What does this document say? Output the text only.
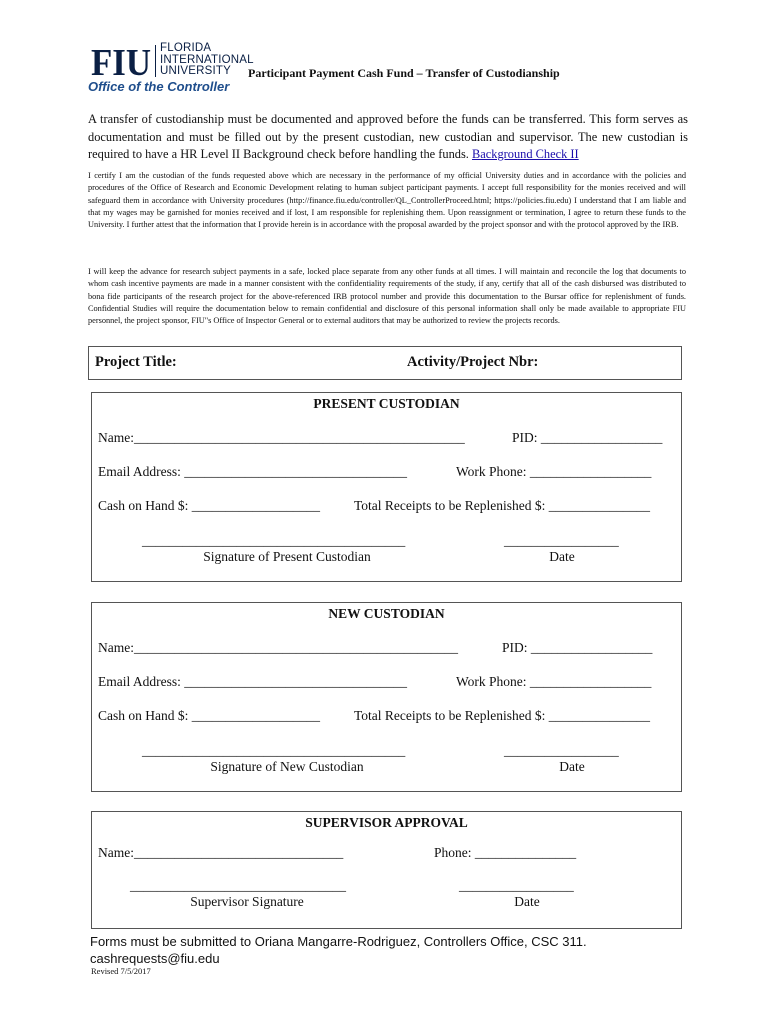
FIU FLORIDA
INTERNATIONAL
UNIVERSITY
Office of the Controller
Participant Payment Cash Fund – Transfer of Custodianship
A transfer of custodianship must be documented and approved before the funds can be transferred. This form serves as documentation and must be filled out by the present custodian, new custodian and supervisor. The new custodian is required to have a HR Level II Background check before handling the funds. Background Check II
I certify I am the custodian of the funds requested above which are necessary in the performance of my official University duties and in accordance with the policies and procedures of the Office of Research and Economic Development relating to human subject participant payments. I accept full responsibility for the monies received and will safeguard them in accordance with University procedures (http://finance.fiu.edu/controller/QL_ControllerProceed.html; https://policies.fiu.edu) I understand that I am liable and that my wages may be garnished for monies received and if lost, I am responsible for replenishing them. Upon reassignment or termination, I agree to return these funds to the University. I further attest that the information that I provide herein is in accordance with the proposal awarded by the project sponsor and with the protocol approved by the IRB.
I will keep the advance for research subject payments in a safe, locked place separate from any other funds at all times. I will maintain and reconcile the log that documents to whom cash incentive payments are made in a manner consistent with the confidentiality requirements of the study, if any, certify that all of the cash disbursed was distributed to bona fide participants of the research project for the above-referenced IRB protocol number and provide this documentation to the Bursar office for replenishment of funds. Confidential Studies will require the documentation below to remain confidential and disclosure of this personal information shall only be made available to appropriate FIU personnel, the project sponsor, FIU"s Office of Inspector General or to external auditors that may be authorized to review the projects records.
Project Title:	Activity/Project Nbr:
PRESENT CUSTODIAN
Name:_________________________________________________	PID: __________________
Email Address: _________________________________	Work Phone: __________________
Cash on Hand $: ___________________	Total Receipts to be Replenished $: _______________
_______________________________________	_________________
Signature of Present Custodian	Date
NEW CUSTODIAN
Name:________________________________________________	PID: __________________
Email Address: _________________________________	Work Phone: __________________
Cash on Hand $: ___________________	Total Receipts to be Replenished $: _______________
_______________________________________	_________________
Signature of New Custodian	Date
SUPERVISOR APPROVAL
Name:_______________________________	Phone: _______________
________________________________	_________________
Supervisor Signature	Date
Forms must be submitted to Oriana Mangarre-Rodriguez, Controllers Office, CSC 311.
cashrequests@fiu.edu
Revised 7/5/2017
